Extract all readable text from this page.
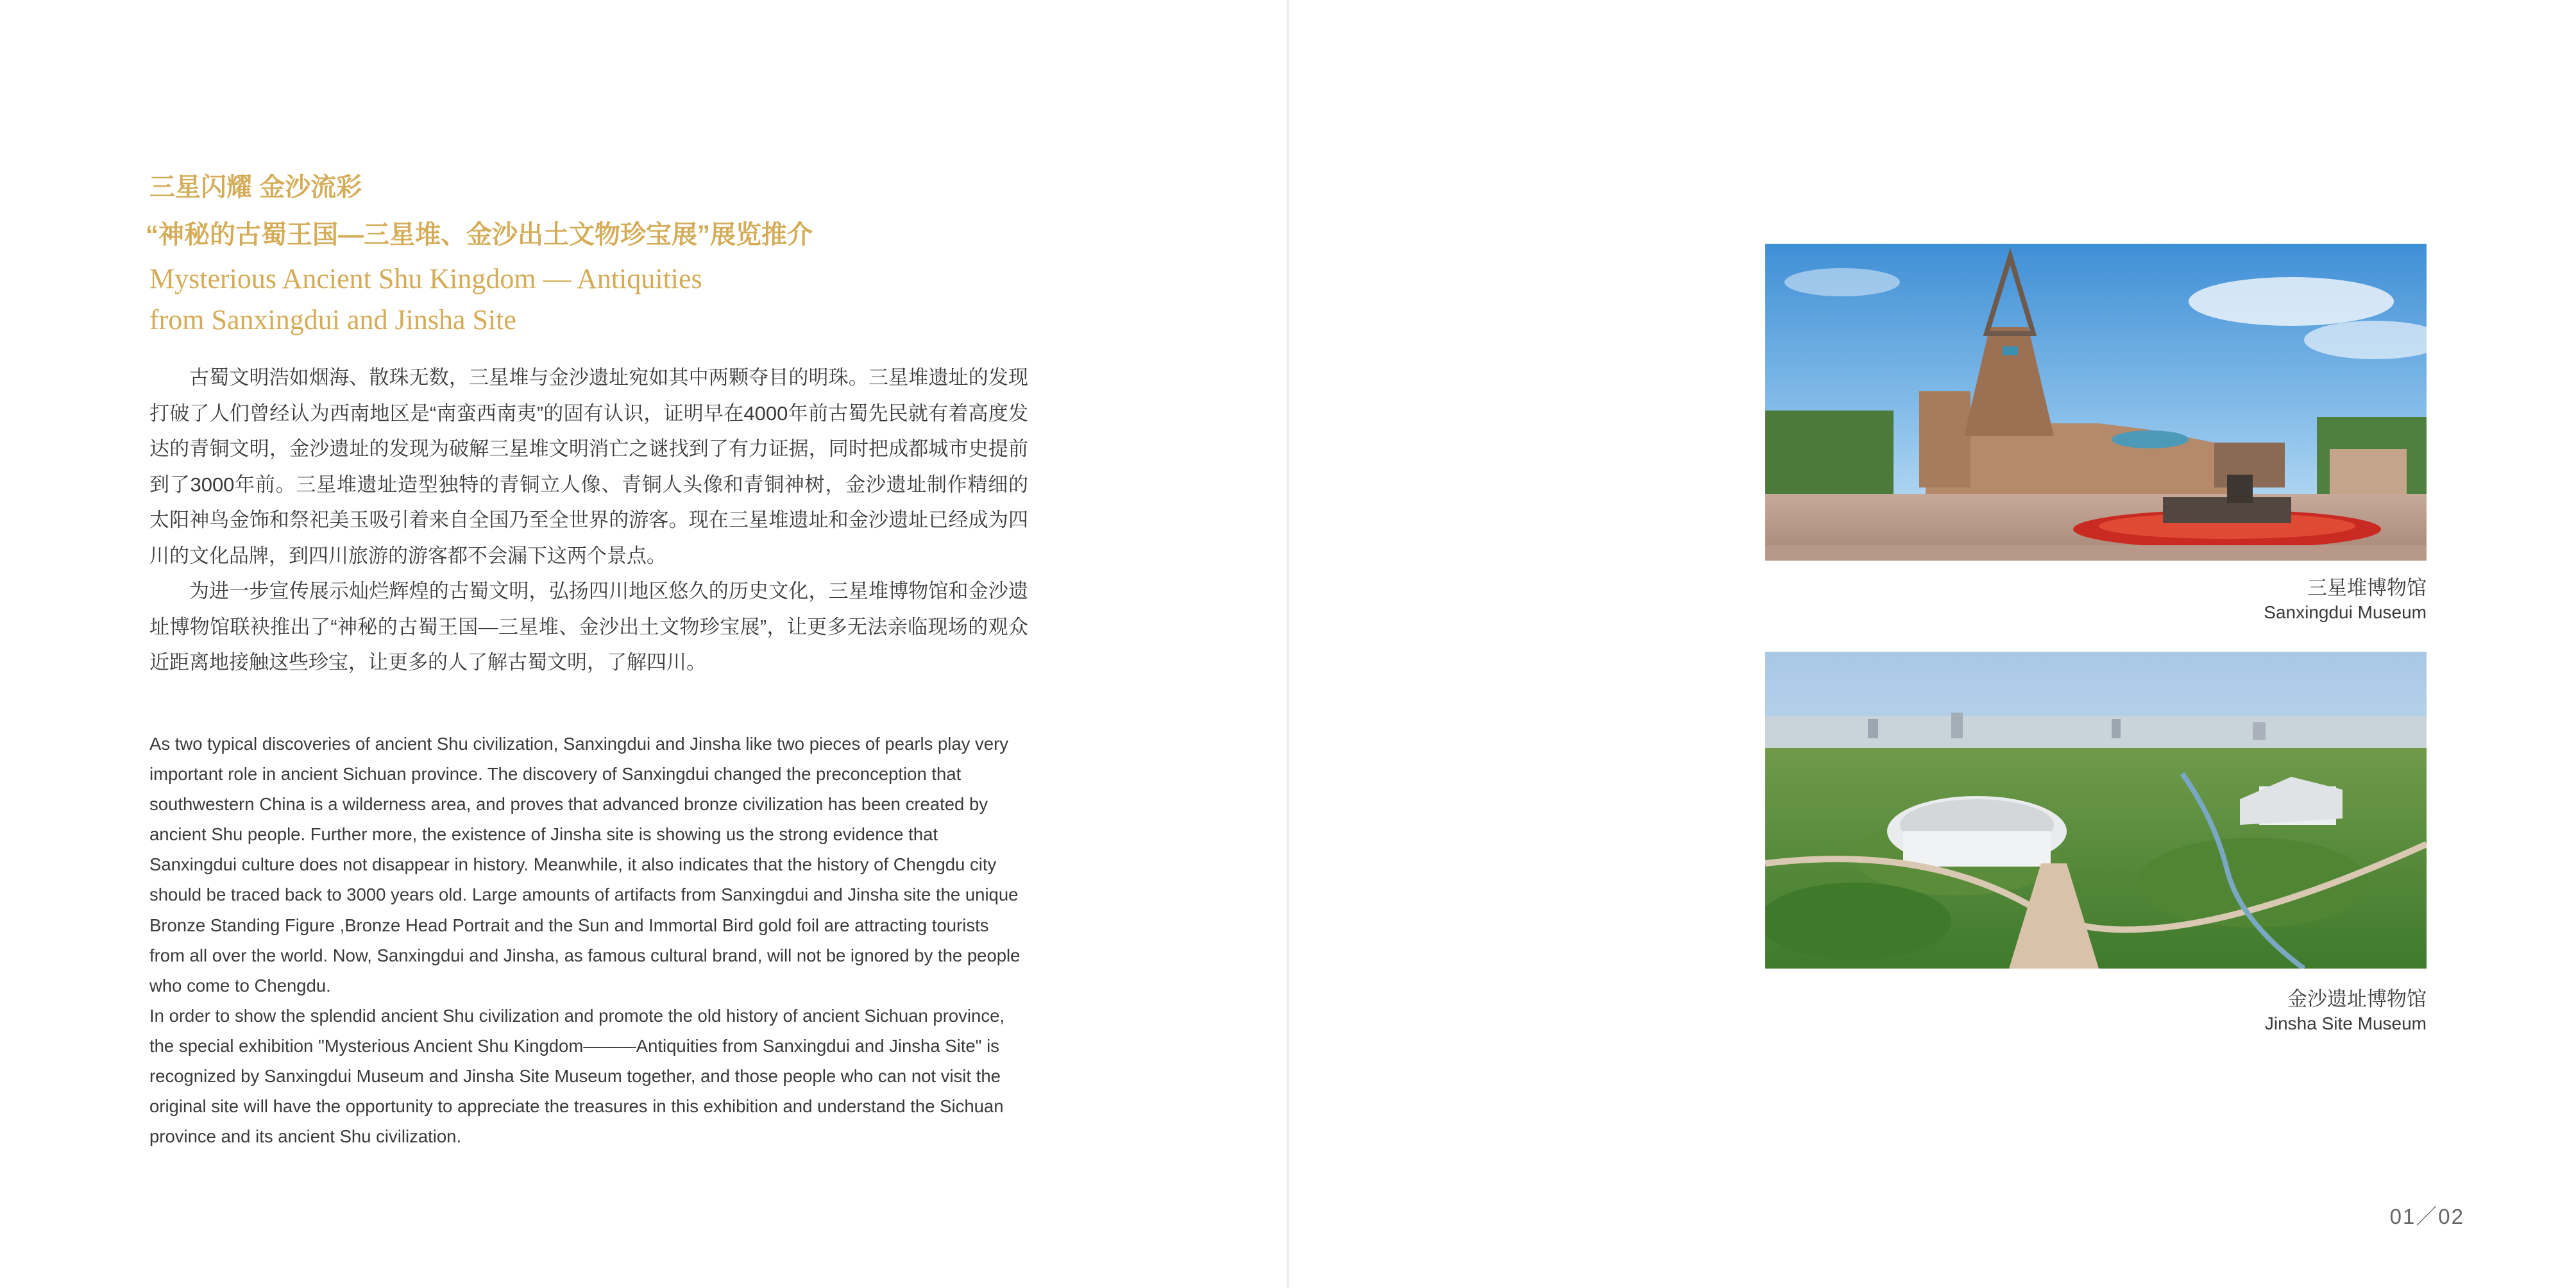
三星闪耀 金沙流彩
“神秘的古蜀王国—三星堆、金沙出土文物珍宝展”展览推介
Mysterious Ancient Shu Kingdom — Antiquities
from Sanxingdui and Jinsha Site

古蜀文明浩如烟海、散珠无数，三星堆与金沙遗址宛如其中两颗夺目的明珠。三星堆遗址的发现打破了人们曾经认为西南地区是“南蛮西南夷”的固有认识，证明早在4000年前古蜀先民就有着高度发达的青铜文明，金沙遗址的发现为破解三星堆文明消亡之谜找到了有力证据，同时把成都城市史提前到了3000年前。三星堆遗址造型独特的青铜立人像、青铜人头像和青铜神树，金沙遗址制作精细的太阳神鸟金饰和祭祀美玉吸引着来自全国乃至全世界的游客。现在三星堆遗址和金沙遗址已经成为四川的文化品牌，到四川旅游的游客都不会漏下这两个景点。

为进一步宣传展示灿烂辉煌的古蜀文明，弘扬四川地区悠久的历史文化，三星堆博物馆和金沙遗址博物馆联袂推出了“神秘的古蜀王国—三星堆、金沙出土文物珍宝展”，让更多无法亲临现场的观众近距离地接触这些珍宝，让更多的人了解古蜀文明，了解四川。

As two typical discoveries of ancient Shu civilization, Sanxingdui and Jinsha like two pieces of pearls play very important role in ancient Sichuan province. The discovery of Sanxingdui changed the preconception that southwestern China is a wilderness area, and proves that advanced bronze civilization has been created by ancient Shu people. Further more, the existence of Jinsha site is showing us the strong evidence that Sanxingdui culture does not disappear in history. Meanwhile, it also indicates that the history of Chengdu city should be traced back to 3000 years old. Large amounts of artifacts from Sanxingdui and Jinsha site the unique Bronze Standing Figure ,Bronze Head Portrait and the Sun and Immortal Bird gold foil are attracting tourists from all over the world. Now, Sanxingdui and Jinsha, as famous cultural brand, will not be ignored by the people who come to Chengdu.

In order to show the splendid ancient Shu civilization and promote the old history of ancient Sichuan province, the special exhibition "Mysterious Ancient Shu Kingdom———Antiquities from Sanxingdui and Jinsha Site" is recognized by Sanxingdui Museum and Jinsha Site Museum together, and those people who can not visit the original site will have the opportunity to appreciate the treasures in this exhibition and understand the Sichuan province and its ancient Shu civilization.

三星堆博物馆
Sanxingdui Museum
金沙遗址博物馆
Jinsha Site Museum
01／02
